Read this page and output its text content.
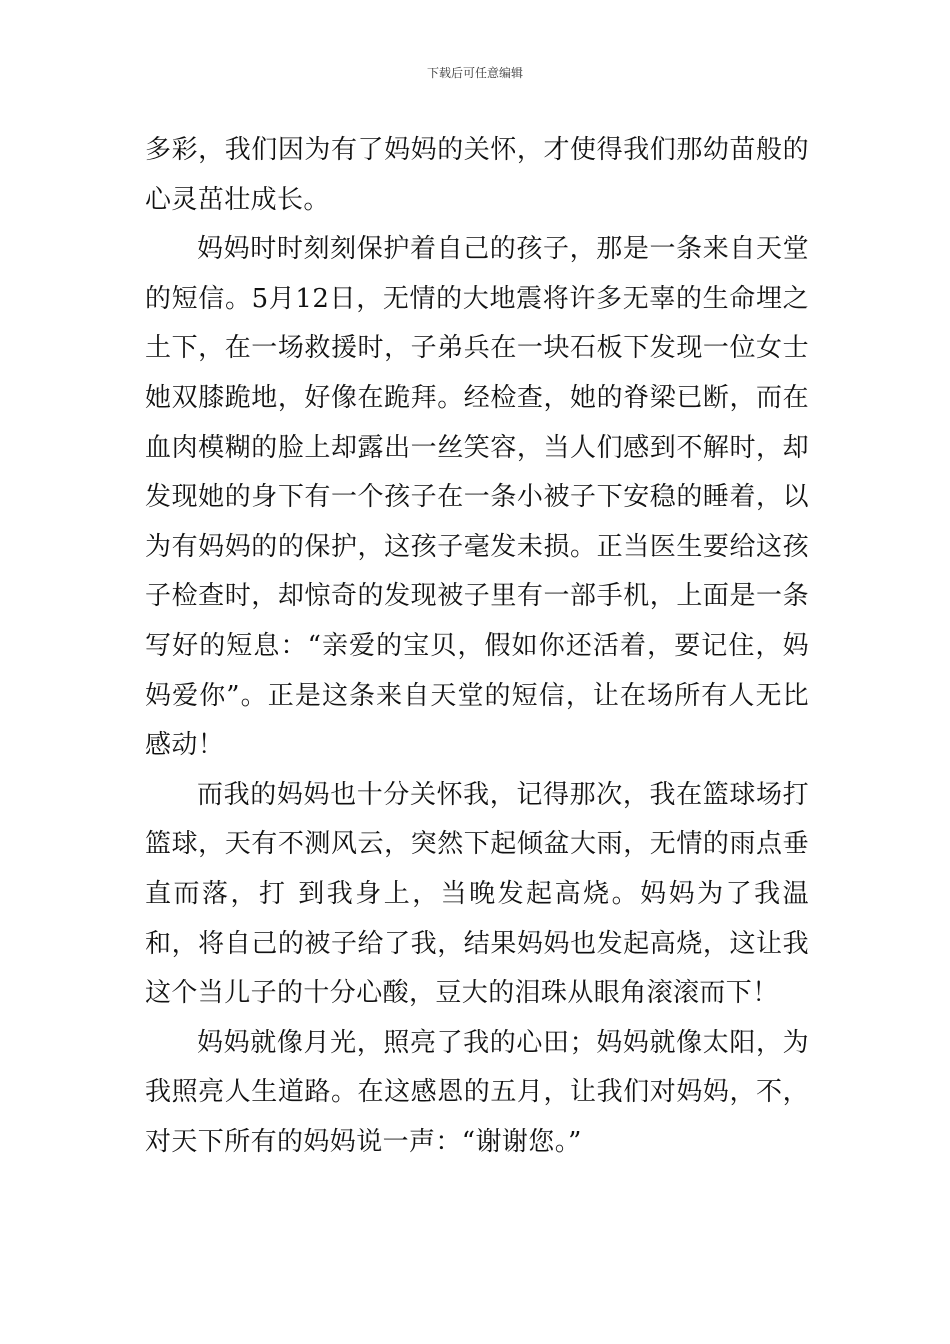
下载后可任意编辑

多彩，我们因为有了妈妈的关怀，才使得我们那幼苗般的心灵茁壮成长。

妈妈时时刻刻保护着自己的孩子，那是一条来自天堂的短信。5月12日，无情的大地震将许多无辜的生命埋之土下，在一场救援时，子弟兵在一块石板下发现一位女士她双膝跪地，好像在跪拜。经检查，她的脊梁已断，而在血肉模糊的脸上却露出一丝笑容，当人们感到不解时，却发现她的身下有一个孩子在一条小被子下安稳的睡着，以为有妈妈的的保护，这孩子毫发未损。正当医生要给这孩子检查时，却惊奇的发现被子里有一部手机，上面是一条写好的短息：“亲爱的宝贝，假如你还活着，要记住，妈妈爱你”。正是这条来自天堂的短信，让在场所有人无比感动！

而我的妈妈也十分关怀我，记得那次，我在篮球场打篮球，天有不测风云，突然下起倾盆大雨，无情的雨点垂直而落，打 到我身上，当晚发起高烧。妈妈为了我温和，将自己的被子给了我，结果妈妈也发起高烧，这让我这个当儿子的十分心酸，豆大的泪珠从眼角滚滚而下！

妈妈就像月光，照亮了我的心田；妈妈就像太阳，为我照亮人生道路。在这感恩的五月，让我们对妈妈，不，对天下所有的妈妈说一声：“谢谢您。”
